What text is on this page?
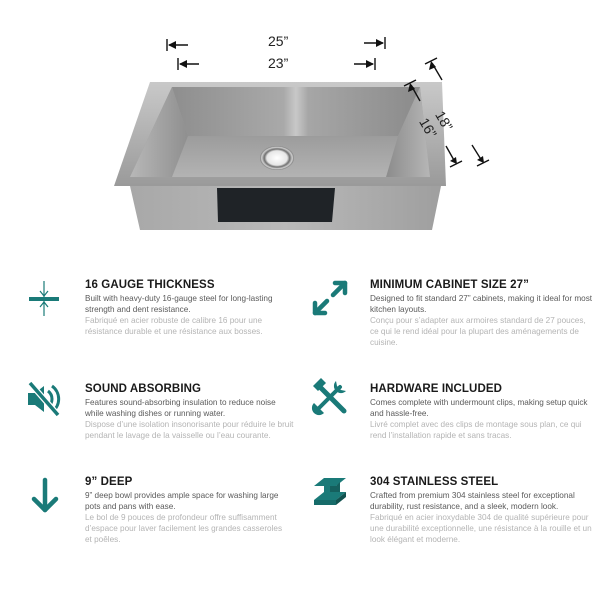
25”
23”
18”
16”
16 GAUGE THICKNESS
Built with heavy-duty 16-gauge steel for long-lasting strength and dent resistance.
Fabriqué en acier robuste de calibre 16 pour une résistance durable et une résistance aux bosses.
MINIMUM CABINET SIZE 27”
Designed to fit standard 27” cabinets, making it ideal for most kitchen layouts.
Conçu pour s’adapter aux armoires standard de 27 pouces, ce qui le rend idéal pour la plupart des aménagements de cuisine.
SOUND ABSORBING
Features sound-absorbing insulation to reduce noise while washing dishes or running water.
Dispose d’une isolation insonorisante pour réduire le bruit pendant le lavage de la vaisselle ou l’eau courante.
HARDWARE INCLUDED
Comes complete with undermount clips, making setup quick and hassle-free.
Livré complet avec des clips de montage sous plan, ce qui rend l’installation rapide et sans tracas.
9” DEEP
9” deep bowl provides ample space for washing large pots and pans with ease.
Le bol de 9 pouces de profondeur offre suffisamment d’espace pour laver facilement les grandes casseroles et poêles.
304 STAINLESS STEEL
Crafted from premium 304 stainless steel for exceptional durability, rust resistance, and a sleek, modern look.
Fabriqué en acier inoxydable 304 de qualité supérieure pour une durabilité exceptionnelle, une résistance à la rouille et un look élégant et moderne.
